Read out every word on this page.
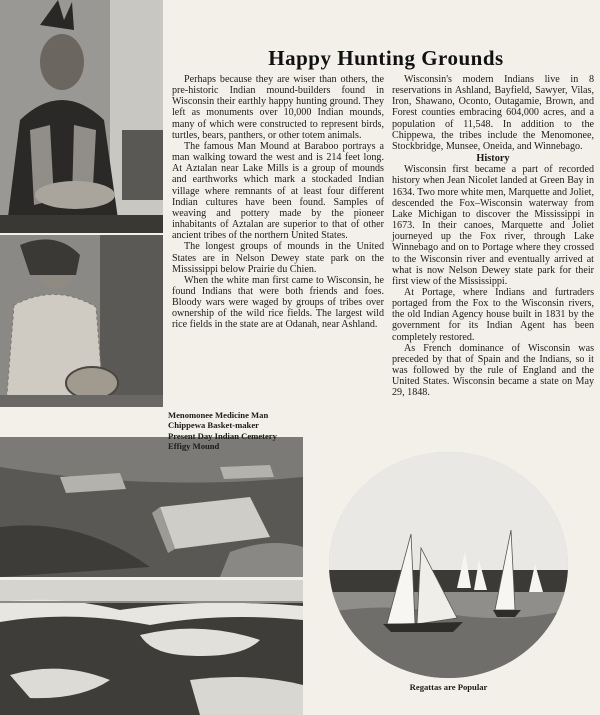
Happy Hunting Grounds

Perhaps because they are wiser than others, the pre-historic Indian mound-builders found in Wisconsin their earthly happy hunting ground. They left as monuments over 10,000 Indian mounds, many of which were constructed to represent birds, turtles, bears, panthers, or other totem animals.

The famous Man Mound at Baraboo portrays a man walking toward the west and is 214 feet long. At Aztalan near Lake Mills is a group of mounds and earthworks which mark a stockaded Indian village where remnants of at least four different Indian cultures have been found. Samples of weaving and pottery made by the pioneer inhabitants of Aztalan are superior to that of other ancient tribes of the northern United States.

The longest groups of mounds in the United States are in Nelson Dewey state park on the Mississippi below Prairie du Chien.

When the white man first came to Wisconsin, he found Indians that were both friends and foes. Bloody wars were waged by groups of tribes over ownership of the wild rice fields. The largest wild rice fields in the state are at Odanah, near Ashland.

Wisconsin's modern Indians live in 8 reservations in Ashland, Bayfield, Sawyer, Vilas, Iron, Shawano, Oconto, Outagamie, Brown, and Forest counties embracing 604,000 acres, and a population of 11,548. In addition to the Chippewa, the tribes include the Menomonee, Stockbridge, Munsee, Oneida, and Winnebago.

History

Wisconsin first became a part of recorded history when Jean Nicolet landed at Green Bay in 1634. Two more white men, Marquette and Joliet, descended the Fox–Wisconsin waterway from Lake Michigan to discover the Mississippi in 1673. In their canoes, Marquette and Joliet journeyed up the Fox river, through Lake Winnebago and on to Portage where they crossed to the Wisconsin river and eventually arrived at what is now Nelson Dewey state park for their first view of the Mississippi.

At Portage, where Indians and furtraders portaged from the Fox to the Wisconsin rivers, the old Indian Agency house built in 1831 by the government for its Indian Agent has been completely restored.

As French dominance of Wisconsin was preceded by that of Spain and the Indians, so it was followed by the rule of England and the United States. Wisconsin became a state on May 29, 1848.

Menomonee Medicine Man
Chippewa Basket-maker
Present Day Indian Cemetery
Effigy Mound
Regattas are Popular
